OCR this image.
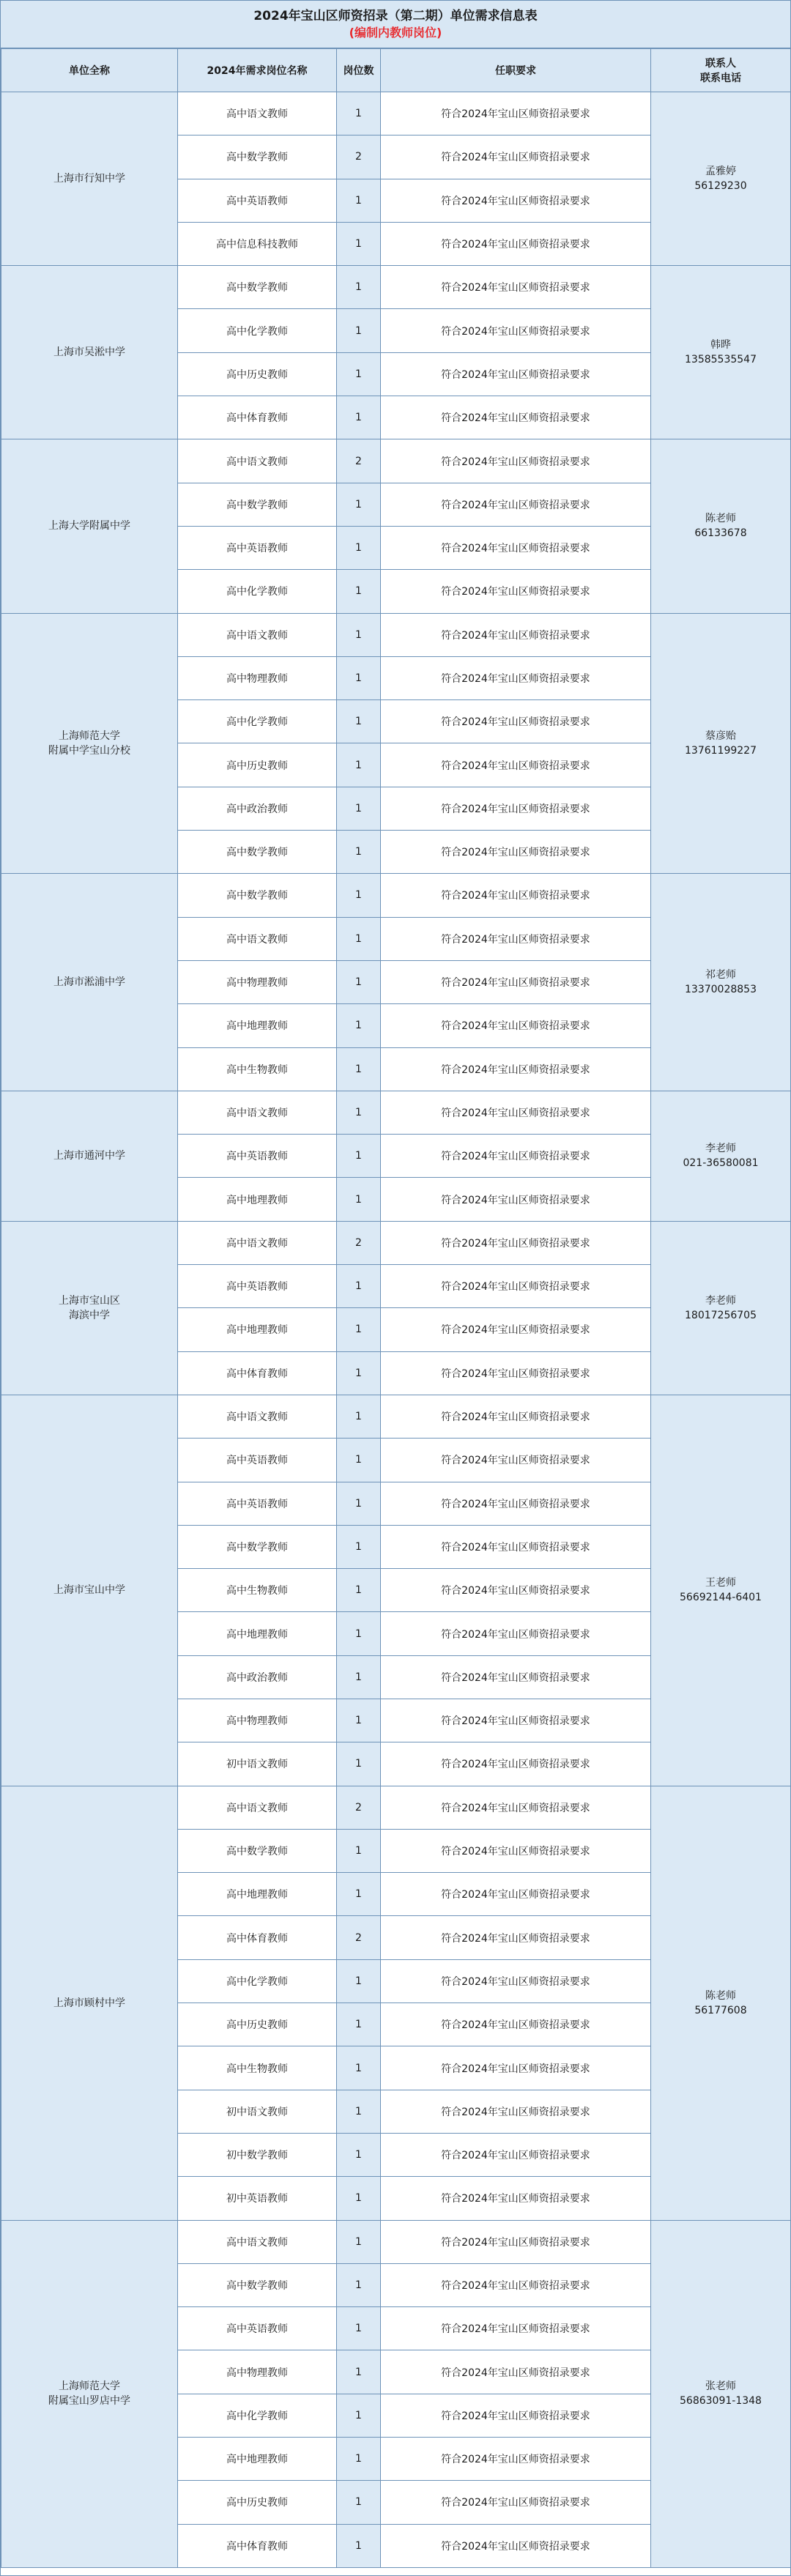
2024年宝山区师资招录（第二期）单位需求信息表
(编制内教师岗位)
单位全称	2024年需求岗位名称	岗位数	任职要求	联系人
联系电话

上海市行知中学	高中语文教师	1	符合2024年宝山区师资招录要求	孟雅婷
56129230

	高中数学教师	2	符合2024年宝山区师资招录要求	
	高中英语教师	1	符合2024年宝山区师资招录要求	
	高中信息科技教师	1	符合2024年宝山区师资招录要求	

上海市吴淞中学	高中数学教师	1	符合2024年宝山区师资招录要求	韩晔
13585535547

	高中化学教师	1	符合2024年宝山区师资招录要求	
	高中历史教师	1	符合2024年宝山区师资招录要求	
	高中体育教师	1	符合2024年宝山区师资招录要求	

上海大学附属中学	高中语文教师	2	符合2024年宝山区师资招录要求	陈老师
66133678

	高中数学教师	1	符合2024年宝山区师资招录要求	
	高中英语教师	1	符合2024年宝山区师资招录要求	
	高中化学教师	1	符合2024年宝山区师资招录要求	

上海师范大学
附属中学宝山分校	高中语文教师	1	符合2024年宝山区师资招录要求	蔡彦贻
13761199227

	高中物理教师	1	符合2024年宝山区师资招录要求	
	高中化学教师	1	符合2024年宝山区师资招录要求	
	高中历史教师	1	符合2024年宝山区师资招录要求	
	高中政治教师	1	符合2024年宝山区师资招录要求	
	高中数学教师	1	符合2024年宝山区师资招录要求	

上海市淞浦中学	高中数学教师	1	符合2024年宝山区师资招录要求	祁老师
13370028853

	高中语文教师	1	符合2024年宝山区师资招录要求	
	高中物理教师	1	符合2024年宝山区师资招录要求	
	高中地理教师	1	符合2024年宝山区师资招录要求	
	高中生物教师	1	符合2024年宝山区师资招录要求	

上海市通河中学	高中语文教师	1	符合2024年宝山区师资招录要求	李老师
021-36580081

	高中英语教师	1	符合2024年宝山区师资招录要求	
	高中地理教师	1	符合2024年宝山区师资招录要求	

上海市宝山区
海滨中学	高中语文教师	2	符合2024年宝山区师资招录要求	李老师
18017256705

	高中英语教师	1	符合2024年宝山区师资招录要求	
	高中地理教师	1	符合2024年宝山区师资招录要求	
	高中体育教师	1	符合2024年宝山区师资招录要求	

上海市宝山中学	高中语文教师	1	符合2024年宝山区师资招录要求	王老师
56692144-6401

	高中英语教师	1	符合2024年宝山区师资招录要求	
	高中英语教师	1	符合2024年宝山区师资招录要求	
	高中数学教师	1	符合2024年宝山区师资招录要求	
	高中生物教师	1	符合2024年宝山区师资招录要求	
	高中地理教师	1	符合2024年宝山区师资招录要求	
	高中政治教师	1	符合2024年宝山区师资招录要求	
	高中物理教师	1	符合2024年宝山区师资招录要求	
	初中语文教师	1	符合2024年宝山区师资招录要求	

上海市顾村中学	高中语文教师	2	符合2024年宝山区师资招录要求	陈老师
56177608

	高中数学教师	1	符合2024年宝山区师资招录要求	
	高中地理教师	1	符合2024年宝山区师资招录要求	
	高中体育教师	2	符合2024年宝山区师资招录要求	
	高中化学教师	1	符合2024年宝山区师资招录要求	
	高中历史教师	1	符合2024年宝山区师资招录要求	
	高中生物教师	1	符合2024年宝山区师资招录要求	
	初中语文教师	1	符合2024年宝山区师资招录要求	
	初中数学教师	1	符合2024年宝山区师资招录要求	
	初中英语教师	1	符合2024年宝山区师资招录要求	

上海师范大学
附属宝山罗店中学	高中语文教师	1	符合2024年宝山区师资招录要求	张老师
56863091-1348

	高中数学教师	1	符合2024年宝山区师资招录要求	
	高中英语教师	1	符合2024年宝山区师资招录要求	
	高中物理教师	1	符合2024年宝山区师资招录要求	
	高中化学教师	1	符合2024年宝山区师资招录要求	
	高中地理教师	1	符合2024年宝山区师资招录要求	
	高中历史教师	1	符合2024年宝山区师资招录要求	
	高中体育教师	1	符合2024年宝山区师资招录要求	
